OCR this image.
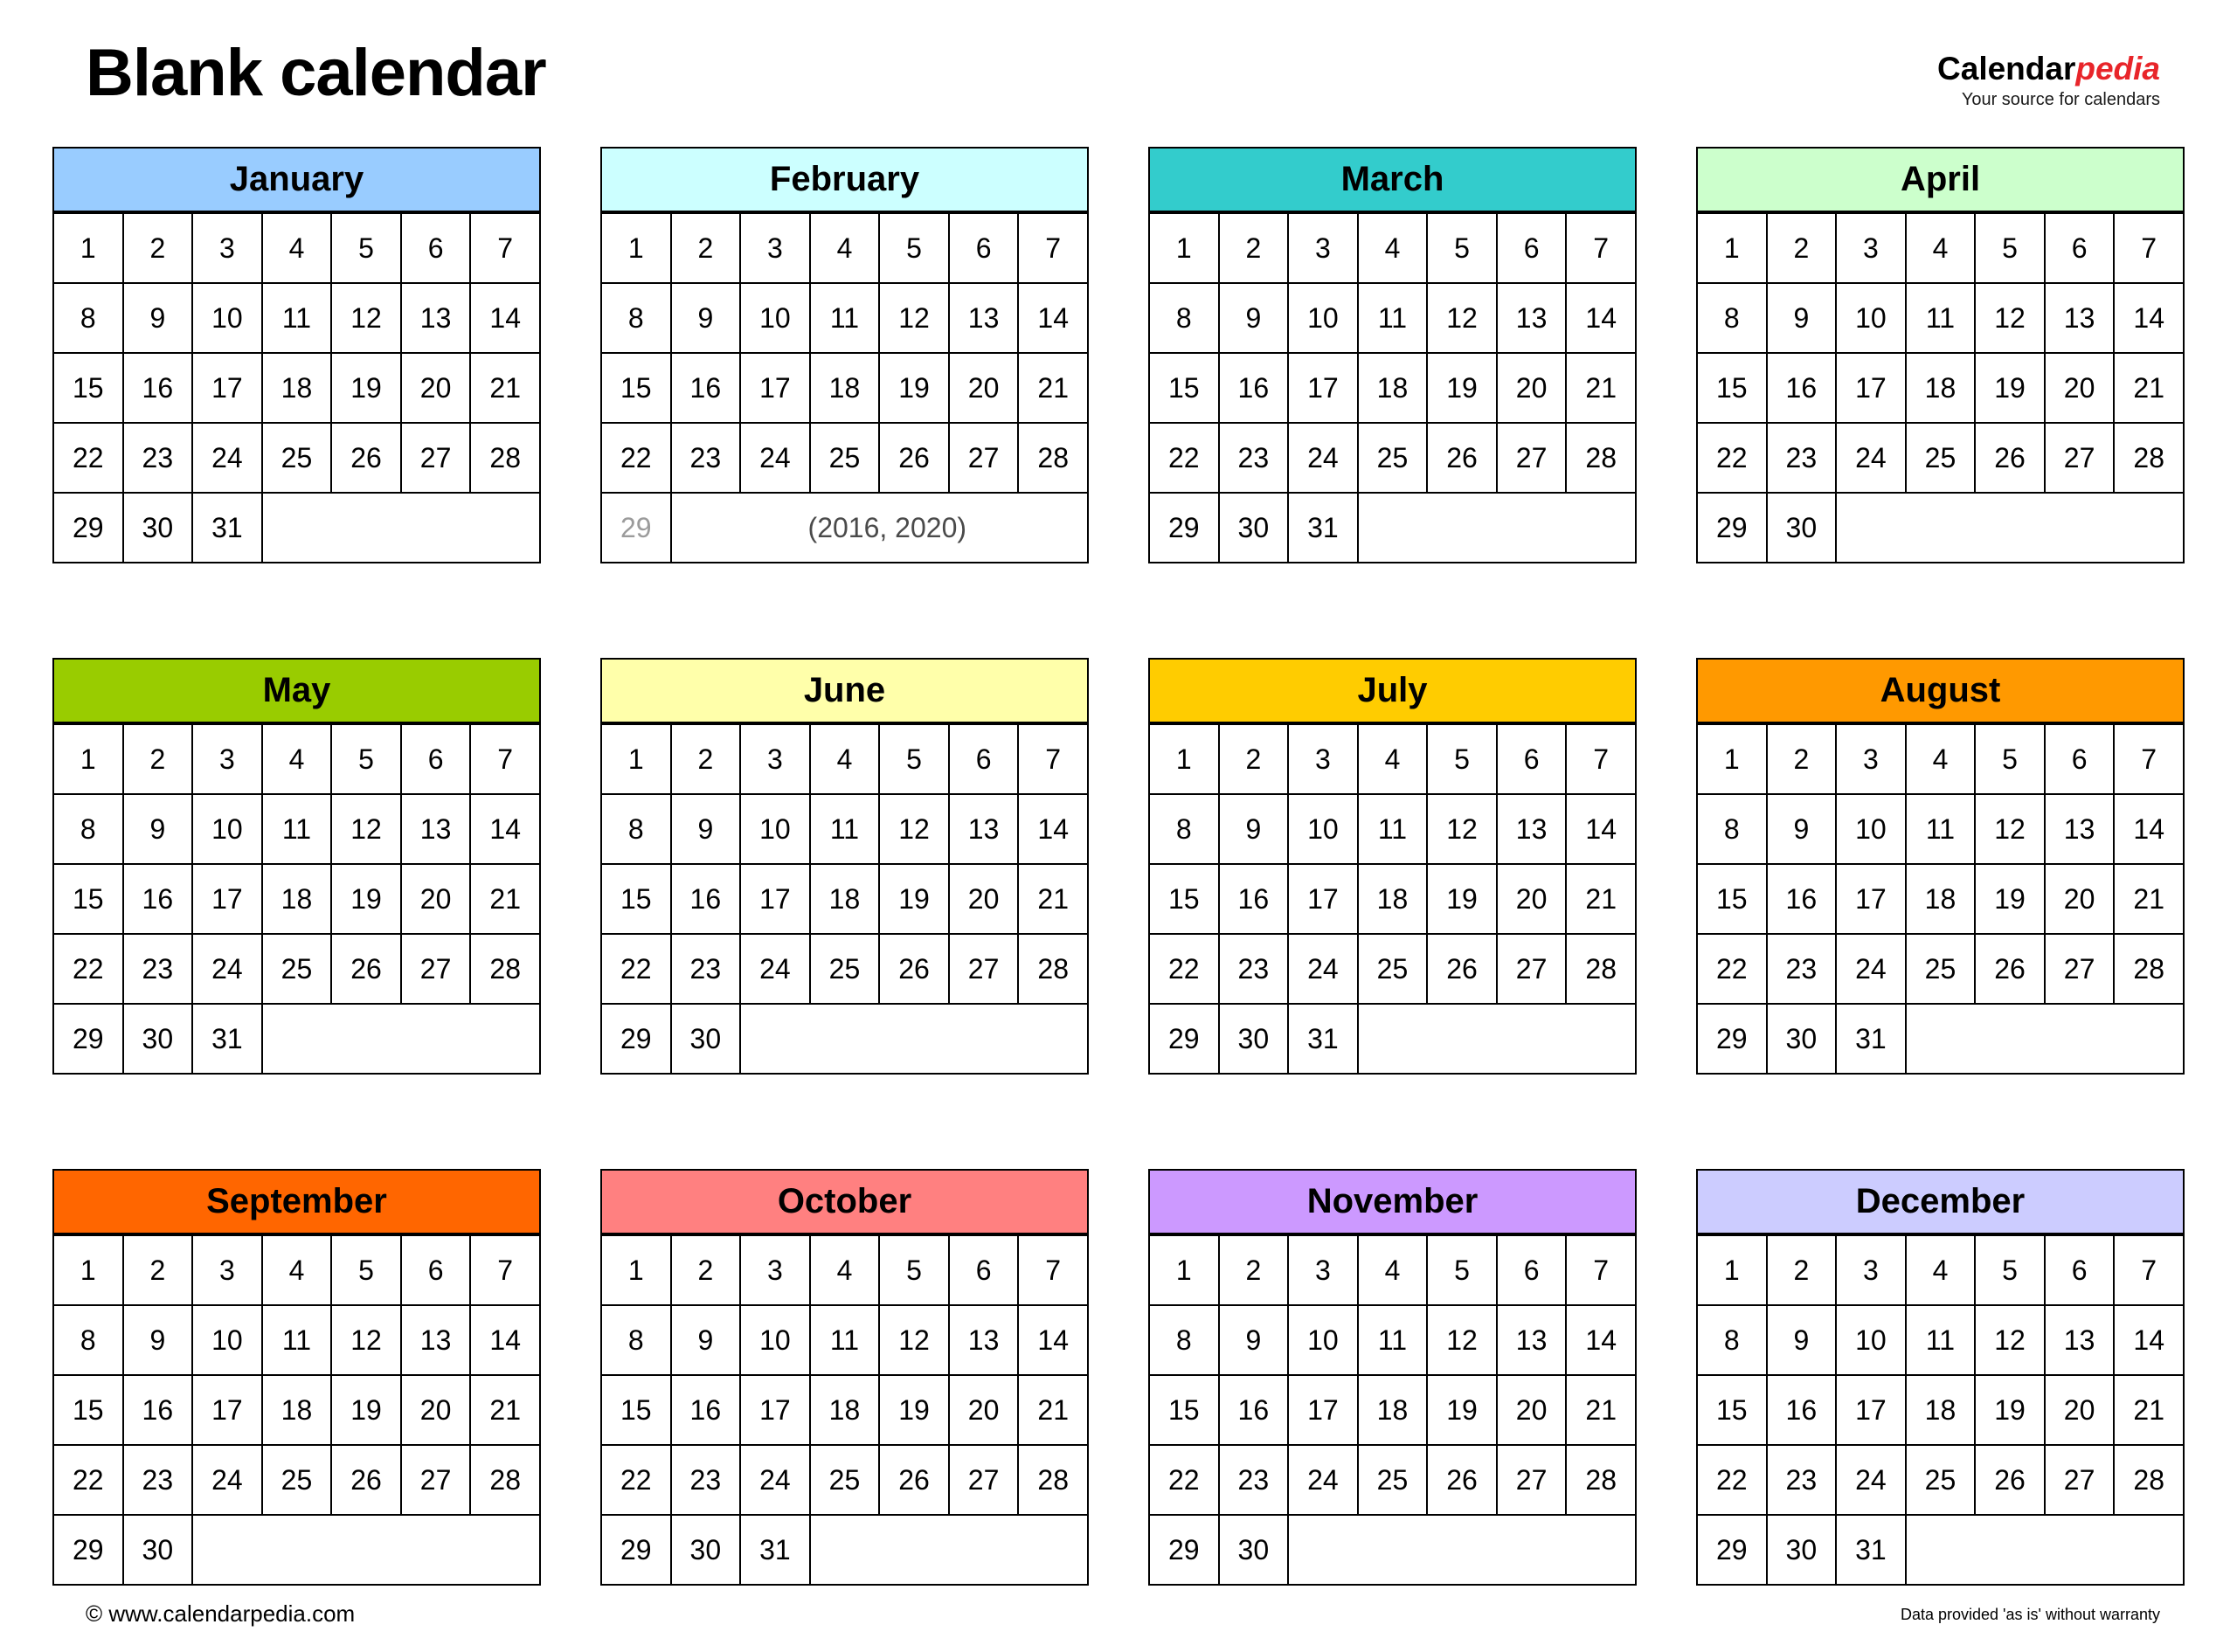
Blank calendar	Calendarpedia
Your source for calendars
January
1	2	3	4	5	6	7
8	9	10	11	12	13	14
15	16	17	18	19	20	21
22	23	24	25	26	27	28
29	30	31				
February
1	2	3	4	5	6	7
8	9	10	11	12	13	14
15	16	17	18	19	20	21
22	23	24	25	26	27	28
29	(2016, 2020)					
March
1	2	3	4	5	6	7
8	9	10	11	12	13	14
15	16	17	18	19	20	21
22	23	24	25	26	27	28
29	30	31				
April
1	2	3	4	5	6	7
8	9	10	11	12	13	14
15	16	17	18	19	20	21
22	23	24	25	26	27	28
29	30					
May
1	2	3	4	5	6	7
8	9	10	11	12	13	14
15	16	17	18	19	20	21
22	23	24	25	26	27	28
29	30	31				
June
1	2	3	4	5	6	7
8	9	10	11	12	13	14
15	16	17	18	19	20	21
22	23	24	25	26	27	28
29	30					
July
1	2	3	4	5	6	7
8	9	10	11	12	13	14
15	16	17	18	19	20	21
22	23	24	25	26	27	28
29	30	31				
August
1	2	3	4	5	6	7
8	9	10	11	12	13	14
15	16	17	18	19	20	21
22	23	24	25	26	27	28
29	30	31				
September
1	2	3	4	5	6	7
8	9	10	11	12	13	14
15	16	17	18	19	20	21
22	23	24	25	26	27	28
29	30					
October
1	2	3	4	5	6	7
8	9	10	11	12	13	14
15	16	17	18	19	20	21
22	23	24	25	26	27	28
29	30	31				
November
1	2	3	4	5	6	7
8	9	10	11	12	13	14
15	16	17	18	19	20	21
22	23	24	25	26	27	28
29	30					
December
1	2	3	4	5	6	7
8	9	10	11	12	13	14
15	16	17	18	19	20	21
22	23	24	25	26	27	28
29	30	31				
© www.calendarpedia.com	Data provided 'as is' without warranty
